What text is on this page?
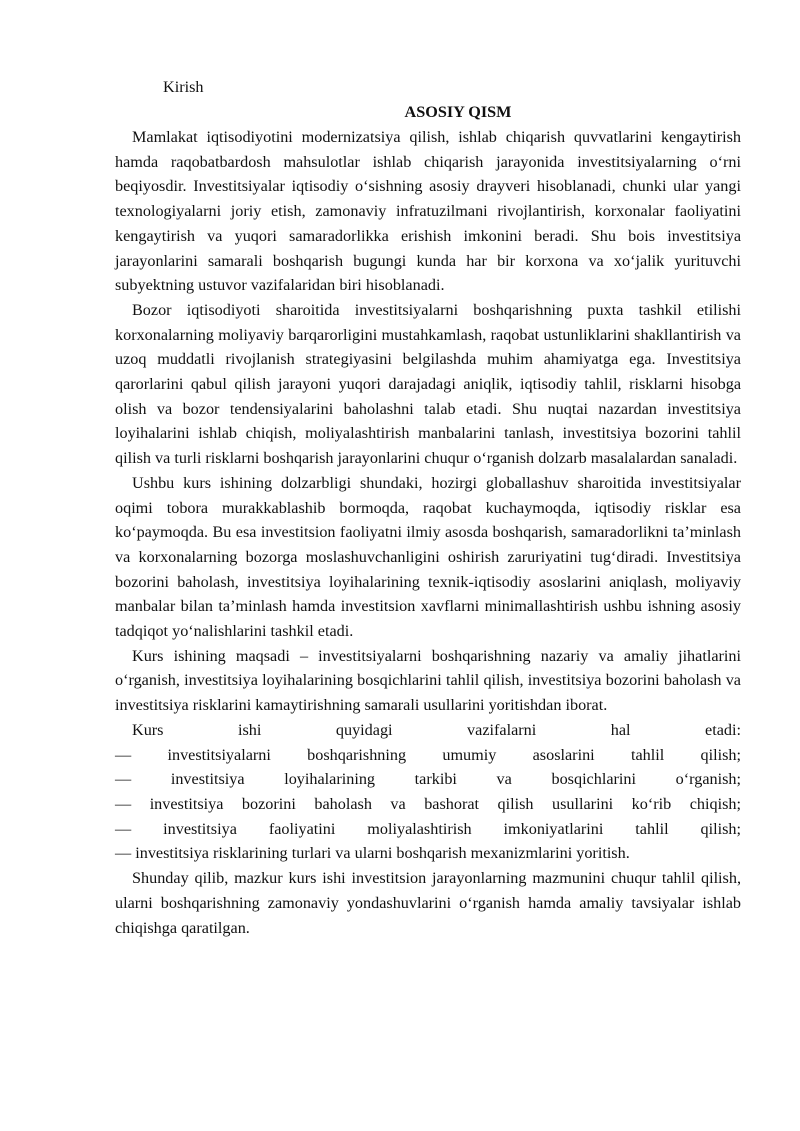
Kirish

ASOSIY QISM

Mamlakat iqtisodiyotini modernizatsiya qilish, ishlab chiqarish quvvatlarini kengaytirish hamda raqobatbardosh mahsulotlar ishlab chiqarish jarayonida investitsiyalarning o‘rni beqiyosdir. Investitsiyalar iqtisodiy o‘sishning asosiy drayveri hisoblanadi, chunki ular yangi texnologiyalarni joriy etish, zamonaviy infratuzilmani rivojlantirish, korxonalar faoliyatini kengaytirish va yuqori samaradorlikka erishish imkonini beradi. Shu bois investitsiya jarayonlarini samarali boshqarish bugungi kunda har bir korxona va xo‘jalik yurituvchi subyektning ustuvor vazifalaridan biri hisoblanadi.

Bozor iqtisodiyoti sharoitida investitsiyalarni boshqarishning puxta tashkil etilishi korxonalarning moliyaviy barqarorligini mustahkamlash, raqobat ustunliklarini shakllantirish va uzoq muddatli rivojlanish strategiyasini belgilashda muhim ahamiyatga ega. Investitsiya qarorlarini qabul qilish jarayoni yuqori darajadagi aniqlik, iqtisodiy tahlil, risklarni hisobga olish va bozor tendensiyalarini baholashni talab etadi. Shu nuqtai nazardan investitsiya loyihalarini ishlab chiqish, moliyalashtirish manbalarini tanlash, investitsiya bozorini tahlil qilish va turli risklarni boshqarish jarayonlarini chuqur o‘rganish dolzarb masalalardan sanaladi.

Ushbu kurs ishining dolzarbligi shundaki, hozirgi globallashuv sharoitida investitsiyalar oqimi tobora murakkablashib bormoqda, raqobat kuchaymoqda, iqtisodiy risklar esa ko‘paymoqda. Bu esa investitsion faoliyatni ilmiy asosda boshqarish, samaradorlikni ta’minlash va korxonalarning bozorga moslashuvchanligini oshirish zaruriyatini tug‘diradi. Investitsiya bozorini baholash, investitsiya loyihalarining texnik-iqtisodiy asoslarini aniqlash, moliyaviy manbalar bilan ta’minlash hamda investitsion xavflarni minimallashtirish ushbu ishning asosiy tadqiqot yo‘nalishlarini tashkil etadi.

Kurs ishining maqsadi – investitsiyalarni boshqarishning nazariy va amaliy jihatlarini o‘rganish, investitsiya loyihalarining bosqichlarini tahlil qilish, investitsiya bozorini baholash va investitsiya risklarini kamaytirishning samarali usullarini yoritishdan iborat.

Kurs ishi quyidagi vazifalarni hal etadi:

— investitsiyalarni boshqarishning umumiy asoslarini tahlil qilish;

— investitsiya loyihalarining tarkibi va bosqichlarini o‘rganish;

— investitsiya bozorini baholash va bashorat qilish usullarini ko‘rib chiqish;

— investitsiya faoliyatini moliyalashtirish imkoniyatlarini tahlil qilish;

— investitsiya risklarining turlari va ularni boshqarish mexanizmlarini yoritish.

Shunday qilib, mazkur kurs ishi investitsion jarayonlarning mazmunini chuqur tahlil qilish, ularni boshqarishning zamonaviy yondashuvlarini o‘rganish hamda amaliy tavsiyalar ishlab chiqishga qaratilgan.
